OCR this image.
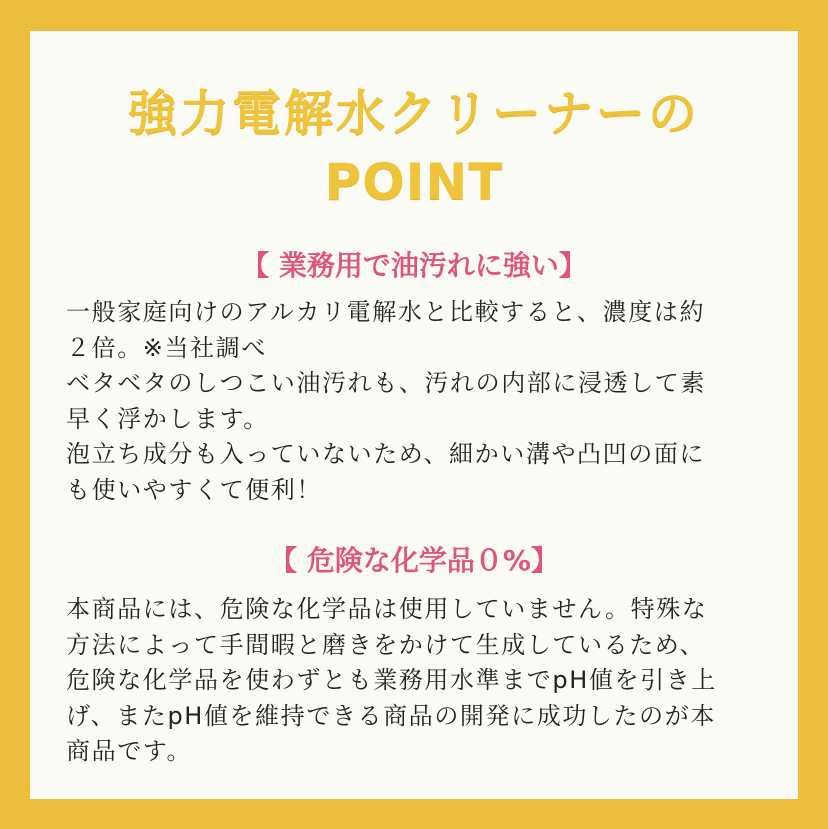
強力電解水クリーナーの
POINT
【 業務用で油汚れに強い】
一般家庭向けのアルカリ電解水と比較すると、濃度は約
２倍。※当社調べ
ベタベタのしつこい油汚れも、汚れの内部に浸透して素
早く浮かします。
泡立ち成分も入っていないため、細かい溝や凸凹の面に
も使いやすくて便利！
【 危険な化学品０%】
本商品には、危険な化学品は使用していません。特殊な
方法によって手間暇と磨きをかけて生成しているため、
危険な化学品を使わずとも業務用水準までpH値を引き上
げ、またpH値を維持できる商品の開発に成功したのが本
商品です。
